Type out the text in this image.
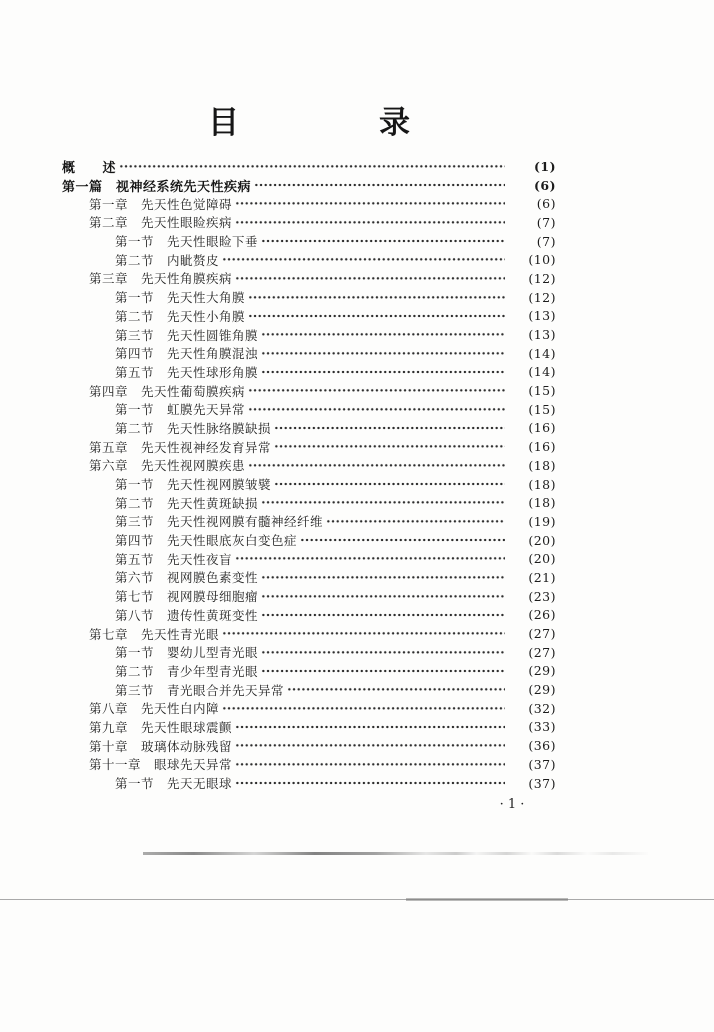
目	录
概　　述	(1)
第一篇　视神经系统先天性疾病	(6)
第一章　先天性色觉障碍	(6)
第二章　先天性眼睑疾病	(7)
第一节　先天性眼睑下垂	(7)
第二节　内眦赘皮	(10)
第三章　先天性角膜疾病	(12)
第一节　先天性大角膜	(12)
第二节　先天性小角膜	(13)
第三节　先天性圆锥角膜	(13)
第四节　先天性角膜混浊	(14)
第五节　先天性球形角膜	(14)
第四章　先天性葡萄膜疾病	(15)
第一节　虹膜先天异常	(15)
第二节　先天性脉络膜缺损	(16)
第五章　先天性视神经发育异常	(16)
第六章　先天性视网膜疾患	(18)
第一节　先天性视网膜皱襞	(18)
第二节　先天性黄斑缺损	(18)
第三节　先天性视网膜有髓神经纤维	(19)
第四节　先天性眼底灰白变色症	(20)
第五节　先天性夜盲	(20)
第六节　视网膜色素变性	(21)
第七节　视网膜母细胞瘤	(23)
第八节　遗传性黄斑变性	(26)
第七章　先天性青光眼	(27)
第一节　婴幼儿型青光眼	(27)
第二节　青少年型青光眼	(29)
第三节　青光眼合并先天异常	(29)
第八章　先天性白内障	(32)
第九章　先天性眼球震颤	(33)
第十章　玻璃体动脉残留	(36)
第十一章　眼球先天异常	(37)
第一节　先天无眼球	(37)
· 1 ·
